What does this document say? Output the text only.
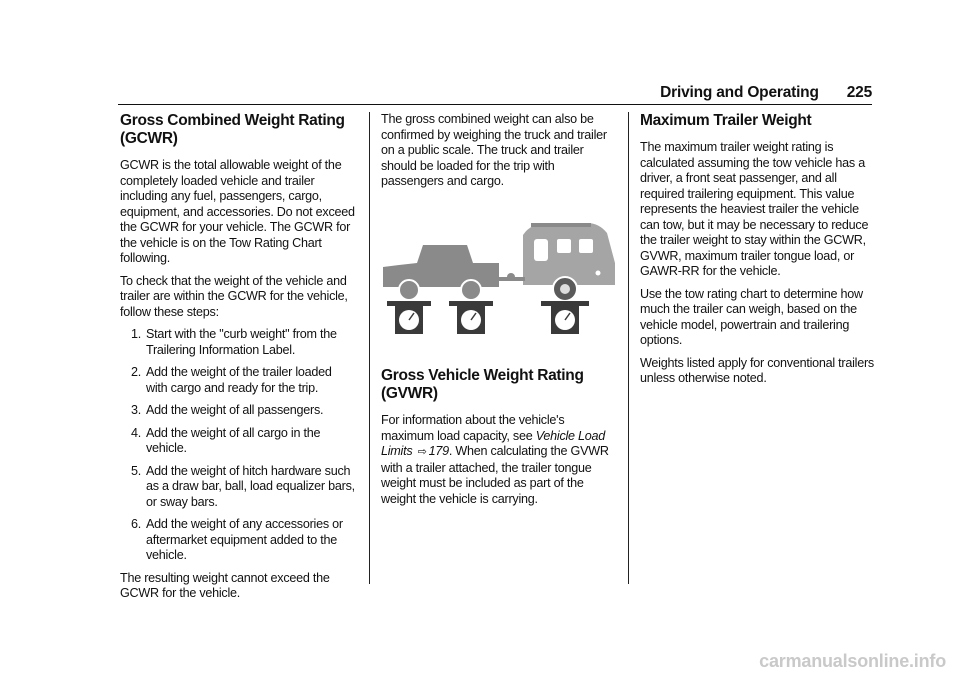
Driving and Operating 225
Gross Combined Weight Rating (GCWR)

GCWR is the total allowable weight of the completely loaded vehicle and trailer including any fuel, passengers, cargo, equipment, and accessories. Do not exceed the GCWR for your vehicle. The GCWR for the vehicle is on the Tow Rating Chart following.

To check that the weight of the vehicle and trailer are within the GCWR for the vehicle, follow these steps:

1. Start with the "curb weight" from the Trailering Information Label.
2. Add the weight of the trailer loaded with cargo and ready for the trip.
3. Add the weight of all passengers.
4. Add the weight of all cargo in the vehicle.
5. Add the weight of hitch hardware such as a draw bar, ball, load equalizer bars, or sway bars.
6. Add the weight of any accessories or aftermarket equipment added to the vehicle.

The resulting weight cannot exceed the GCWR for the vehicle.

The gross combined weight can also be confirmed by weighing the truck and trailer on a public scale. The truck and trailer should be loaded for the trip with passengers and cargo.

Gross Vehicle Weight Rating (GVWR)

For information about the vehicle's maximum load capacity, see Vehicle Load Limits ⇨ 179. When calculating the GVWR with a trailer attached, the trailer tongue weight must be included as part of the weight the vehicle is carrying.

Maximum Trailer Weight

The maximum trailer weight rating is calculated assuming the tow vehicle has a driver, a front seat passenger, and all required trailering equipment. This value represents the heaviest trailer the vehicle can tow, but it may be necessary to reduce the trailer weight to stay within the GCWR, GVWR, maximum trailer tongue load, or GAWR-RR for the vehicle.

Use the tow rating chart to determine how much the trailer can weigh, based on the vehicle model, powertrain and trailering options.

Weights listed apply for conventional trailers unless otherwise noted.

carmanualsonline.info
